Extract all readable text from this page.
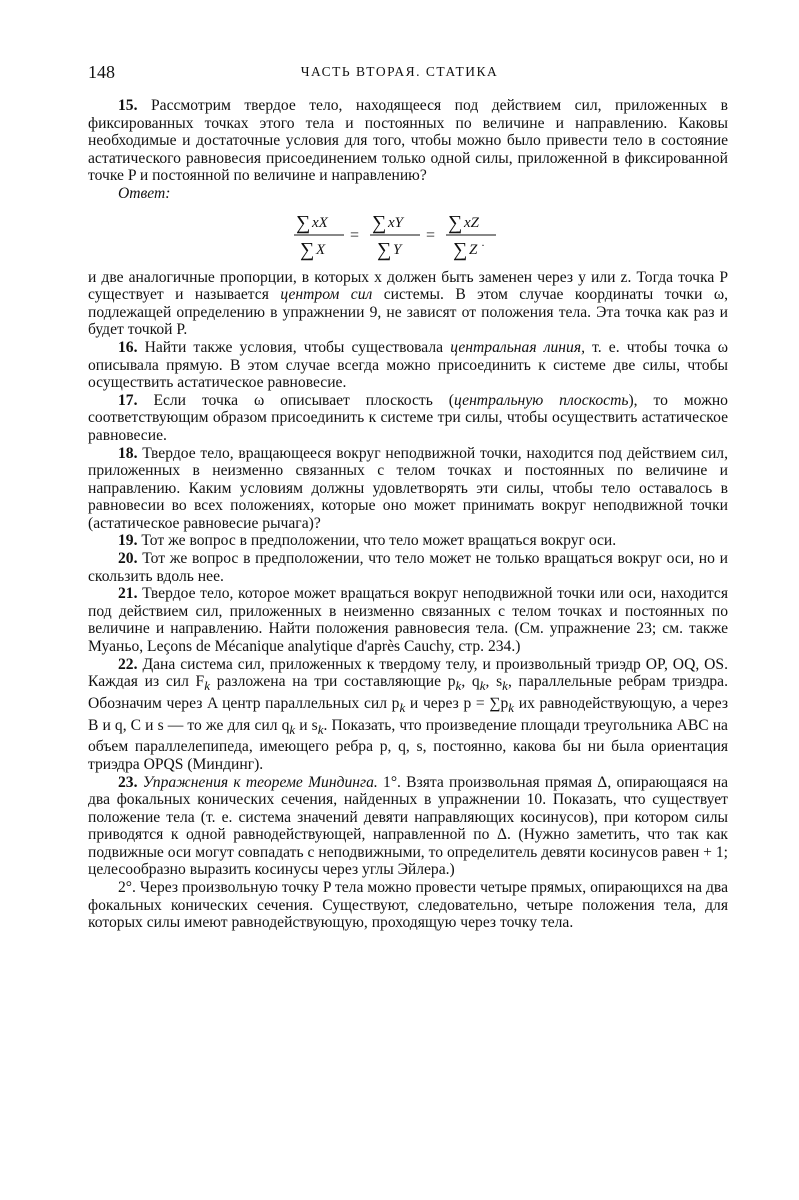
148	ЧАСТЬ ВТОРАЯ. СТАТИКА

15. Рассмотрим твердое тело, находящееся под действием сил, приложенных в фиксированных точках этого тела и постоянных по величине и направлению. Каковы необходимые и достаточные условия для того, чтобы можно было привести тело в состояние астатического равновесия присоединением только одной силы, приложенной в фиксированной точке P и постоянной по величине и направлению?

Ответ:

∑ xX
∑ X
=
∑ xY
∑ Y
=
∑ xZ
∑ Z ·

и две аналогичные пропорции, в которых x должен быть заменен через y или z. Тогда точка P существует и называется центром сил системы. В этом случае координаты точки ω, подлежащей определению в упражнении 9, не зависят от положения тела. Эта точка как раз и будет точкой P.

16. Найти также условия, чтобы существовала центральная линия, т. е. чтобы точка ω описывала прямую. В этом случае всегда можно присоединить к системе две силы, чтобы осуществить астатическое равновесие.

17. Если точка ω описывает плоскость (центральную плоскость), то можно соответствующим образом присоединить к системе три силы, чтобы осуществить астатическое равновесие.

18. Твердое тело, вращающееся вокруг неподвижной точки, находится под действием сил, приложенных в неизменно связанных с телом точках и постоянных по величине и направлению. Каким условиям должны удовлетворять эти силы, чтобы тело оставалось в равновесии во всех положениях, которые оно может принимать вокруг неподвижной точки (астатическое равновесие рычага)?

19. Тот же вопрос в предположении, что тело может вращаться вокруг оси.

20. Тот же вопрос в предположении, что тело может не только вращаться вокруг оси, но и скользить вдоль нее.

21. Твердое тело, которое может вращаться вокруг неподвижной точки или оси, находится под действием сил, приложенных в неизменно связанных с телом точках и постоянных по величине и направлению. Найти положения равновесия тела. (См. упражнение 23; см. также Муаньо, Leçons de Mécanique analytique d'après Cauchy, стр. 234.)

22. Дана система сил, приложенных к твердому телу, и произвольный триэдр OP, OQ, OS. Каждая из сил $F_k$ разложена на три составляющие $p_k$, $q_k$, $s_k$, параллельные ребрам триэдра. Обозначим через A центр параллельных сил $p_k$ и через $p = \sum p_k$ их равнодействующую, а через B и q, C и s — то же для сил $q_k$ и $s_k$. Показать, что произведение площади треугольника ABC на объем параллелепипеда, имеющего ребра p, q, s, постоянно, какова бы ни была ориентация триэдра OPQS (Миндинг).

23. Упражнения к теореме Миндинга. 1°. Взята произвольная прямая Δ, опирающаяся на два фокальных конических сечения, найденных в упражнении 10. Показать, что существует положение тела (т. е. система значений девяти направляющих косинусов), при котором силы приводятся к одной равнодействующей, направленной по Δ. (Нужно заметить, что так как подвижные оси могут совпадать с неподвижными, то определитель девяти косинусов равен + 1; целесообразно выразить косинусы через углы Эйлера.)

2°. Через произвольную точку P тела можно провести четыре прямых, опирающихся на два фокальных конических сечения. Существуют, следовательно, четыре положения тела, для которых силы имеют равнодействующую, проходящую через точку тела.
